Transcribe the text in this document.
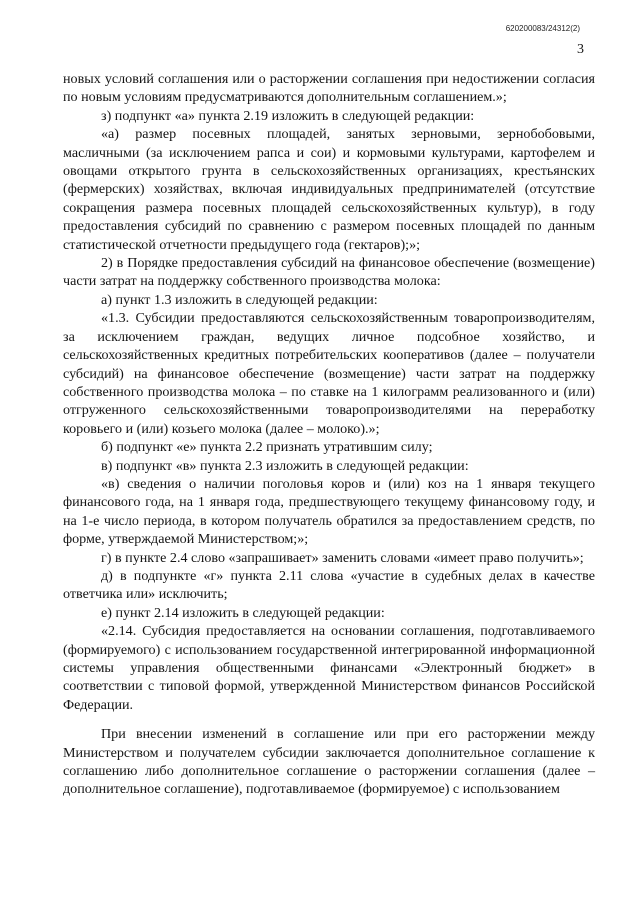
620200083/24312(2)
3

новых условий соглашения или о расторжении соглашения при недостижении согласия по новым условиям предусматриваются дополнительным соглашением.»;

з) подпункт «а» пункта 2.19 изложить в следующей редакции:

«а) размер посевных площадей, занятых зерновыми, зернобобовыми, масличными (за исключением рапса и сои) и кормовыми культурами, картофелем и овощами открытого грунта в сельскохозяйственных организациях, крестьянских (фермерских) хозяйствах, включая индивидуальных предпринимателей (отсутствие сокращения размера посевных площадей сельскохозяйственных культур), в году предоставления субсидий по сравнению с размером посевных площадей по данным статистической отчетности предыдущего года (гектаров);»;

2) в Порядке предоставления субсидий на финансовое обеспечение (возмещение) части затрат на поддержку собственного производства молока:

а) пункт 1.3 изложить в следующей редакции:

«1.3. Субсидии предоставляются сельскохозяйственным товаропроизводителям, за исключением граждан, ведущих личное подсобное хозяйство, и сельскохозяйственных кредитных потребительских кооперативов (далее – получатели субсидий) на финансовое обеспечение (возмещение) части затрат на поддержку собственного производства молока – по ставке на 1 килограмм реализованного и (или) отгруженного сельскохозяйственными товаропроизводителями на переработку коровьего и (или) козьего молока (далее – молоко).»;

б) подпункт «е» пункта 2.2 признать утратившим силу;

в) подпункт «в» пункта 2.3 изложить в следующей редакции:

«в) сведения о наличии поголовья коров и (или) коз на 1 января текущего финансового года, на 1 января года, предшествующего текущему финансовому году, и на 1-е число периода, в котором получатель обратился за предоставлением средств, по форме, утверждаемой Министерством;»;

г) в пункте 2.4 слово «запрашивает» заменить словами «имеет право получить»;

д) в подпункте «г» пункта 2.11 слова «участие в судебных делах в качестве ответчика или» исключить;

е) пункт 2.14 изложить в следующей редакции:

«2.14. Субсидия предоставляется на основании соглашения, подготавливаемого (формируемого) с использованием государственной интегрированной информационной системы управления общественными финансами «Электронный бюджет» в соответствии с типовой формой, утвержденной Министерством финансов Российской Федерации.

При внесении изменений в соглашение или при его расторжении между Министерством и получателем субсидии заключается дополнительное соглашение к соглашению либо дополнительное соглашение о расторжении соглашения (далее – дополнительное соглашение), подготавливаемое (формируемое) с использованием
